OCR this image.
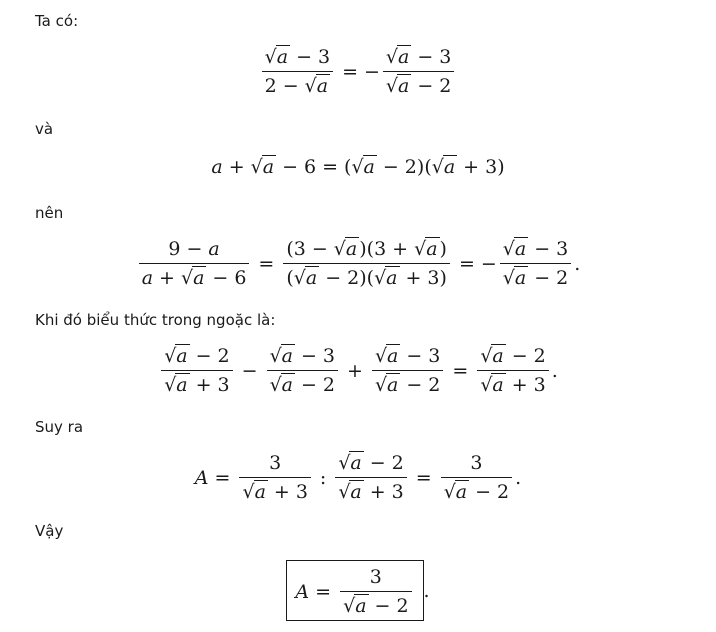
Ta có:
và
nên
Khi đó biểu thức trong ngoặc là:
Suy ra
Vậy
$\frac{√a - 3}{2 - √a}$ = − $\frac{√a - 3}{√a - 2}$
a + √a − 6 = ( √a − 2 ) ( √a + 3 )
$\frac{9 - a}{a + √a - 6} = \frac{(3 - √a )(3 + √a )}{(√a - 2)(√a + 3)}$ = − $\frac{√a - 3}{√a - 2}$ .
$\frac{√a - 2}{√a + 3} - \frac{√a - 3}{√a - 2} + \frac{√a - 3}{√a - 2} = \frac{√a - 2}{√a + 3}$ .
$A = \frac{3}{√a + 3}$ : $\frac{√a - 2}{√a + 3} = \frac{3}{√a - 2}$ .
$A = \frac{3}{√a - 2}$ .
